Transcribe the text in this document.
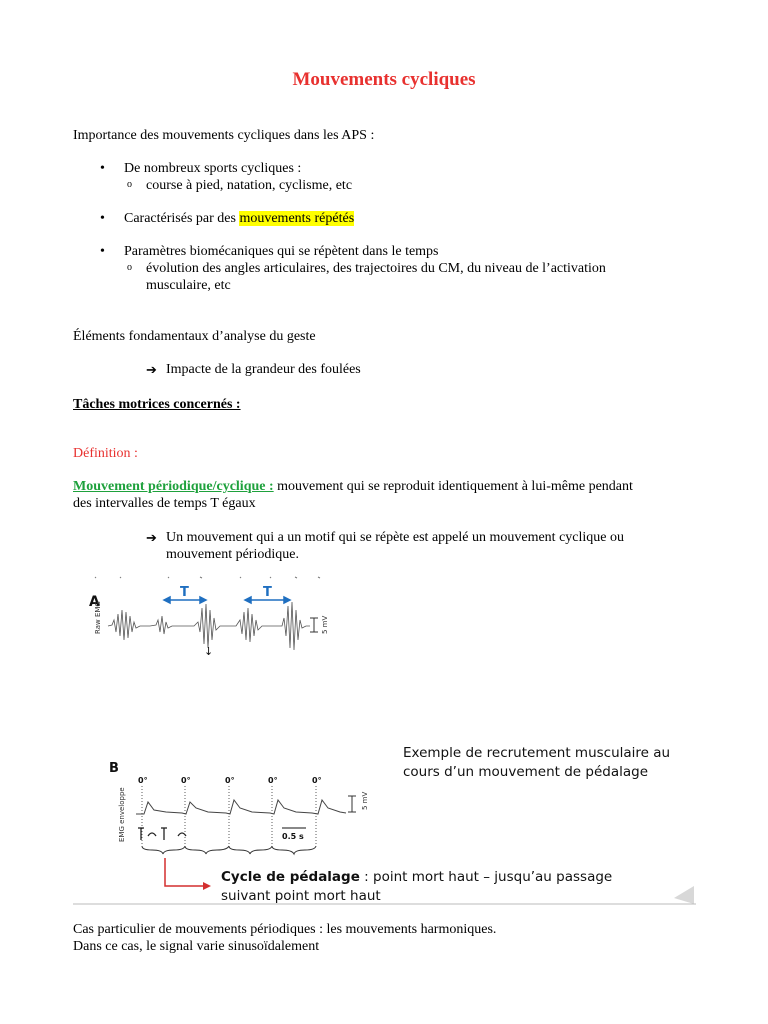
Mouvements cycliques
Importance des mouvements cycliques dans les APS :
• De nombreux sports cycliques :
o course à pied, natation, cyclisme, etc
• Caractérisés par des mouvements répétés
• Paramètres biomécaniques qui se répètent dans le temps
o évolution des angles articulaires, des trajectoires du CM, du niveau de l’activation
musculaire, etc
Éléments fondamentaux d’analyse du geste
➔ Impacte de la grandeur des foulées
Tâches motrices concernés :
Définition :
Mouvement périodique/cyclique : mouvement qui se reproduit identiquement à lui-même pendant
des intervalles de temps T égaux
➔ Un mouvement qui a un motif qui se répète est appelé un mouvement cyclique ou
mouvement périodique.
A
Raw EMG
T	T
↓
5 mV
B
0°	0°	0°	0°	0°
EMG enveloppe	5 mV
0.5 s
Exemple de recrutement musculaire au
cours d’un mouvement de pédalage
Cycle de pédalage : point mort haut – jusqu’au passage
suivant point mort haut
Cas particulier de mouvements périodiques : les mouvements harmoniques.
Dans ce cas, le signal varie sinusoïdalement
